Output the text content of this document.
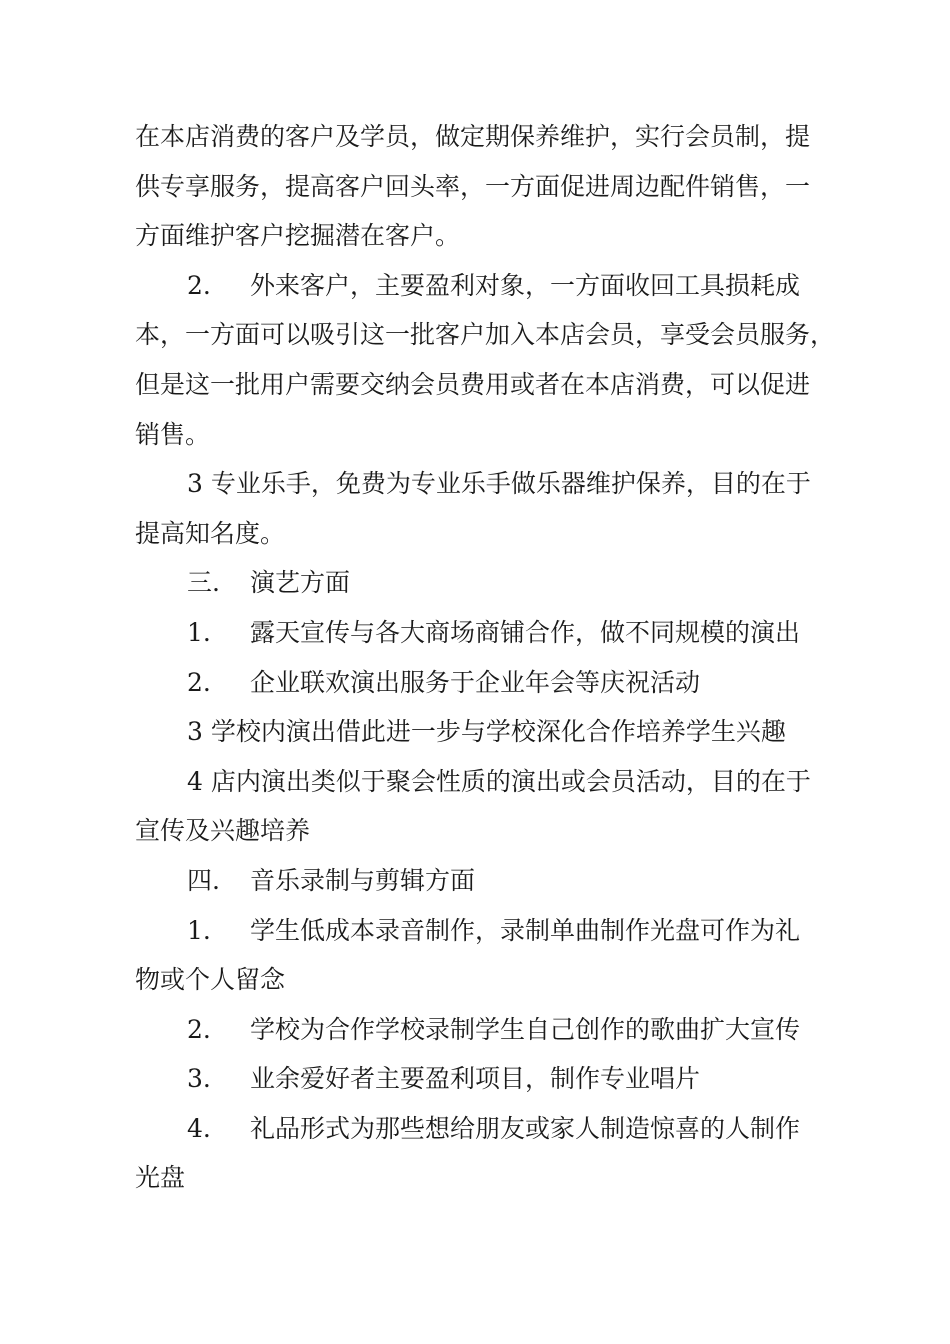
在本店消费的客户及学员，做定期保养维护，实行会员制，提
供专享服务，提高客户回头率，一方面促进周边配件销售，一
方面维护客户挖掘潜在客户。
2. 外来客户，主要盈利对象，一方面收回工具损耗成
本，一方面可以吸引这一批客户加入本店会员，享受会员服务，
但是这一批用户需要交纳会员费用或者在本店消费，可以促进
销售。
3 专业乐手，免费为专业乐手做乐器维护保养，目的在于
提高知名度。
三. 演艺方面
1. 露天宣传与各大商场商铺合作，做不同规模的演出
2. 企业联欢演出服务于企业年会等庆祝活动
3 学校内演出借此进一步与学校深化合作培养学生兴趣
4 店内演出类似于聚会性质的演出或会员活动，目的在于
宣传及兴趣培养
四. 音乐录制与剪辑方面
1. 学生低成本录音制作，录制单曲制作光盘可作为礼
物或个人留念
2. 学校为合作学校录制学生自己创作的歌曲扩大宣传
3. 业余爱好者主要盈利项目，制作专业唱片
4. 礼品形式为那些想给朋友或家人制造惊喜的人制作
光盘
